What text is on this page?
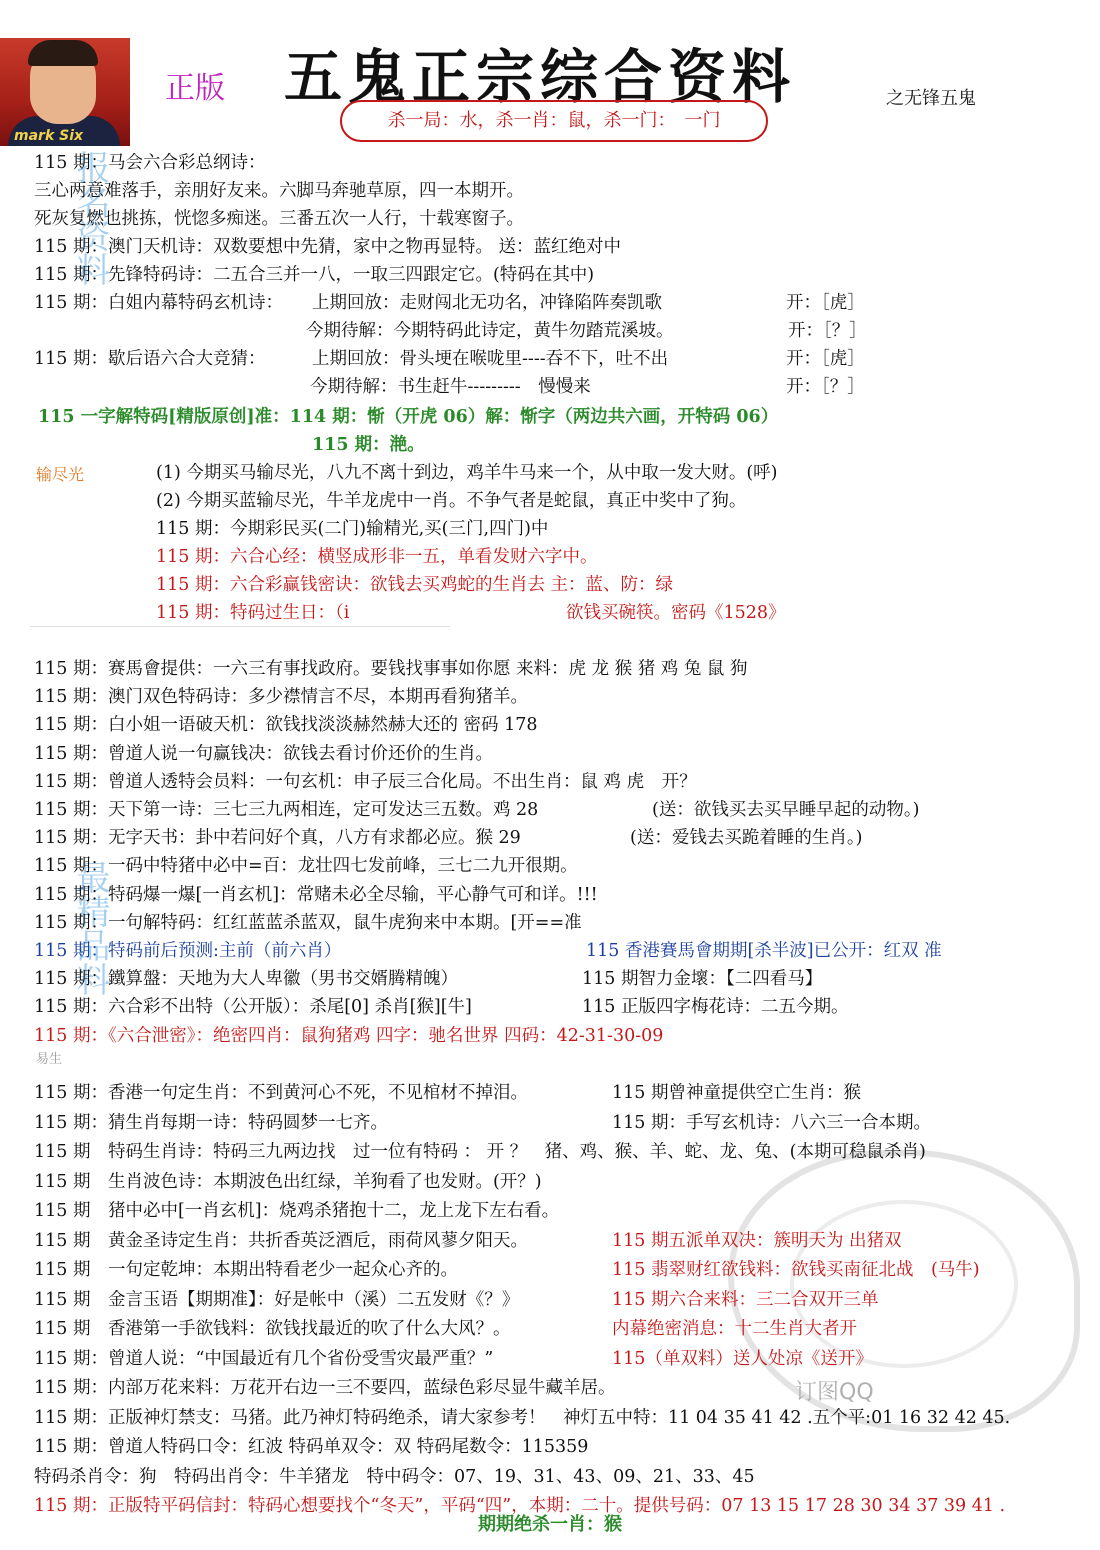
mark Six
正版 五鬼正宗综合资料	之无锋五鬼
杀一局：水，杀一肖：鼠，杀一门：　一门
订图QQ
报名资料
最精品料
输尽光
易生
115 期：马会六合彩总纲诗：
三心两意难落手，亲朋好友来。六脚马奔驰草原，四一本期开。
死灰复燃也挑拣，恍惚多痴迷。三番五次一人行，十载寒窗子。
115 期：澳门天机诗：双数要想中先猜，家中之物再显特。 送：蓝红绝对中
115 期：先锋特码诗：二五合三并一八，一取三四跟定它。(特码在其中)
115 期：白姐内幕特码玄机诗： 上期回放：走财闯北无功名，冲锋陷阵奏凯歌	开：［虎］
今期待解：今期特码此诗定，黄牛勿踏荒溪坡。	开：［？］
115 期：歇后语六合大竞猜：	上期回放：骨头埂在喉咙里----吞不下，吐不出	开：［虎］
今期待解：书生赶牛---------　慢慢来	开：［？］
115 一字解特码[精版原创]准：114 期：惭（开虎 06）解：惭字（两边共六画，开特码 06）
115 期：滟。
(1) 今期买马输尽光，八九不离十到边，鸡羊牛马来一个，从中取一发大财。(呼)
(2) 今期买蓝输尽光，牛羊龙虎中一肖。不争气者是蛇鼠，真正中奖中了狗。
115 期：今期彩民买(二门)输精光,买(三门,四门)中
115 期：六合心经：横竖成形非一五，单看发财六字中。
115 期：六合彩赢钱密诀：欲钱去买鸡蛇的生肖去 主：蓝、防：绿
115 期：特码过生日：（i	欲钱买碗筷。密码《1528》
115 期：赛馬會提供：一六三有事找政府。要钱找事事如你愿 来料：虎 龙 猴 猪 鸡 兔 鼠 狗
115 期：澳门双色特码诗：多少襟情言不尽，本期再看狗猪羊。
115 期：白小姐一语破天机：欲钱找淡淡赫然赫大还的 密码 178
115 期：曾道人说一句赢钱决：欲钱去看讨价还价的生肖。
115 期：曾道人透特会员料：一句玄机：申子辰三合化局。不出生肖：鼠 鸡 虎　开？
115 期：天下第一诗：三七三九两相连，定可发达三五数。鸡 28	(送：欲钱买去买早睡早起的动物。)
115 期：无字天书：卦中若问好个真，八方有求都必应。猴 29	(送：爱钱去买跪着睡的生肖。)
115 期：一码中特猪中必中=百：龙壮四七发前峰，三七二九开很期。
115 期：特码爆一爆[一肖玄机]：常赌未必全尽输，平心静气可和详。!!!
115 期：一句解特码：红红蓝蓝杀蓝双，鼠牛虎狗来中本期。[开==准
115 期：特码前后预测:主前（前六肖）	115 香港賽馬會期期[杀半波]已公开：红双 准
115 期：鐵算盤：天地为大人卑徽（男书交婿腾精魄）	115 期智力金壞：【二四看马】
115 期：六合彩不出特（公开版）：杀尾[0] 杀肖[猴][牛]	115 正版四字梅花诗：二五今期。
115 期：《六合泄密》：绝密四肖：鼠狗猪鸡 四字：驰名世界 四码：42-31-30-09
115 期：香港一句定生肖：不到黄河心不死，不见棺材不掉泪。	115 期曾神童提供空亡生肖：猴
115 期：猜生肖每期一诗：特码圆梦一七齐。	115 期：手写玄机诗：八六三一合本期。
115 期　特码生肖诗：特码三九两边找　过一位有特码 ： 开 ？　猪、鸡、猴、羊、蛇、龙、兔、(本期可稳鼠杀肖)
115 期　生肖波色诗：本期波色出红绿，羊狗看了也发财。(开？)
115 期　猪中必中[一肖玄机]：烧鸡杀猪抱十二，龙上龙下左右看。
115 期　黄金圣诗定生肖：共折香英泛酒卮，雨荷风蓼夕阳天。	115 期五派单双决：簇明天为 出猪双
115 期　一句定乾坤：本期出特看老少一起众心齐的。	115 翡翠财红欲钱料：欲钱买南征北战　(马牛)
115 期　金言玉语【期期准】：好是帐中（溪）二五发财《？》	115 期六合来料：三二合双开三单
115 期　香港第一手欲钱料：欲钱找最近的吹了什么大风？。	内幕绝密消息：十二生肖大者开
115 期：曾道人说：“中国最近有几个省份受雪灾最严重？”	115（单双料）送人处凉《送开》
115 期：内部万花来料：万花开右边一三不要四，蓝绿色彩尽显牛藏羊居。
115 期：正版神灯禁支：马猪。此乃神灯特码绝杀，请大家参考！　神灯五中特：11 04 35 41 42 .五个平:01 16 32 42 45.
115 期：曾道人特码口令：红波 特码单双令：双 特码尾数令：115359
特码杀肖令：狗　特码出肖令：牛羊猪龙　特中码令：07、19、31、43、09、21、33、45
115 期：正版特平码信封：特码心想要找个“冬天”，平码“四”，本期：二十。提供号码：07 13 15 17 28 30 34 37 39 41 .
期期绝杀一肖：猴
